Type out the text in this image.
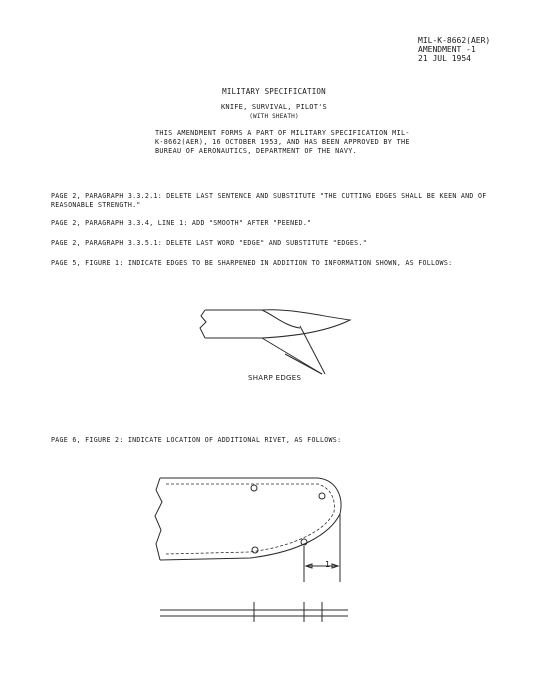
MIL-K-8662(AER)
AMENDMENT -1
21 JUL 1954
MILITARY SPECIFICATION
KNIFE, SURVIVAL, PILOT'S
(WITH SHEATH)
THIS AMENDMENT FORMS A PART OF MILITARY SPECIFICATION MIL-K-8662(AER), 16 OCTOBER 1953, AND HAS BEEN APPROVED BY THE BUREAU OF AERONAUTICS, DEPARTMENT OF THE NAVY.
PAGE 2, PARAGRAPH 3.3.2.1: DELETE LAST SENTENCE AND SUBSTITUTE "THE CUTTING EDGES SHALL BE KEEN AND OF REASONABLE STRENGTH."
PAGE 2, PARAGRAPH 3.3.4, LINE 1: ADD "SMOOTH" AFTER "PEENED."
PAGE 2, PARAGRAPH 3.3.5.1: DELETE LAST WORD "EDGE" AND SUBSTITUTE "EDGES."
PAGE 5, FIGURE 1: INDICATE EDGES TO BE SHARPENED IN ADDITION TO INFORMATION SHOWN, AS FOLLOWS:
SHARP EDGES
PAGE 6, FIGURE 2: INDICATE LOCATION OF ADDITIONAL RIVET, AS FOLLOWS:
1
